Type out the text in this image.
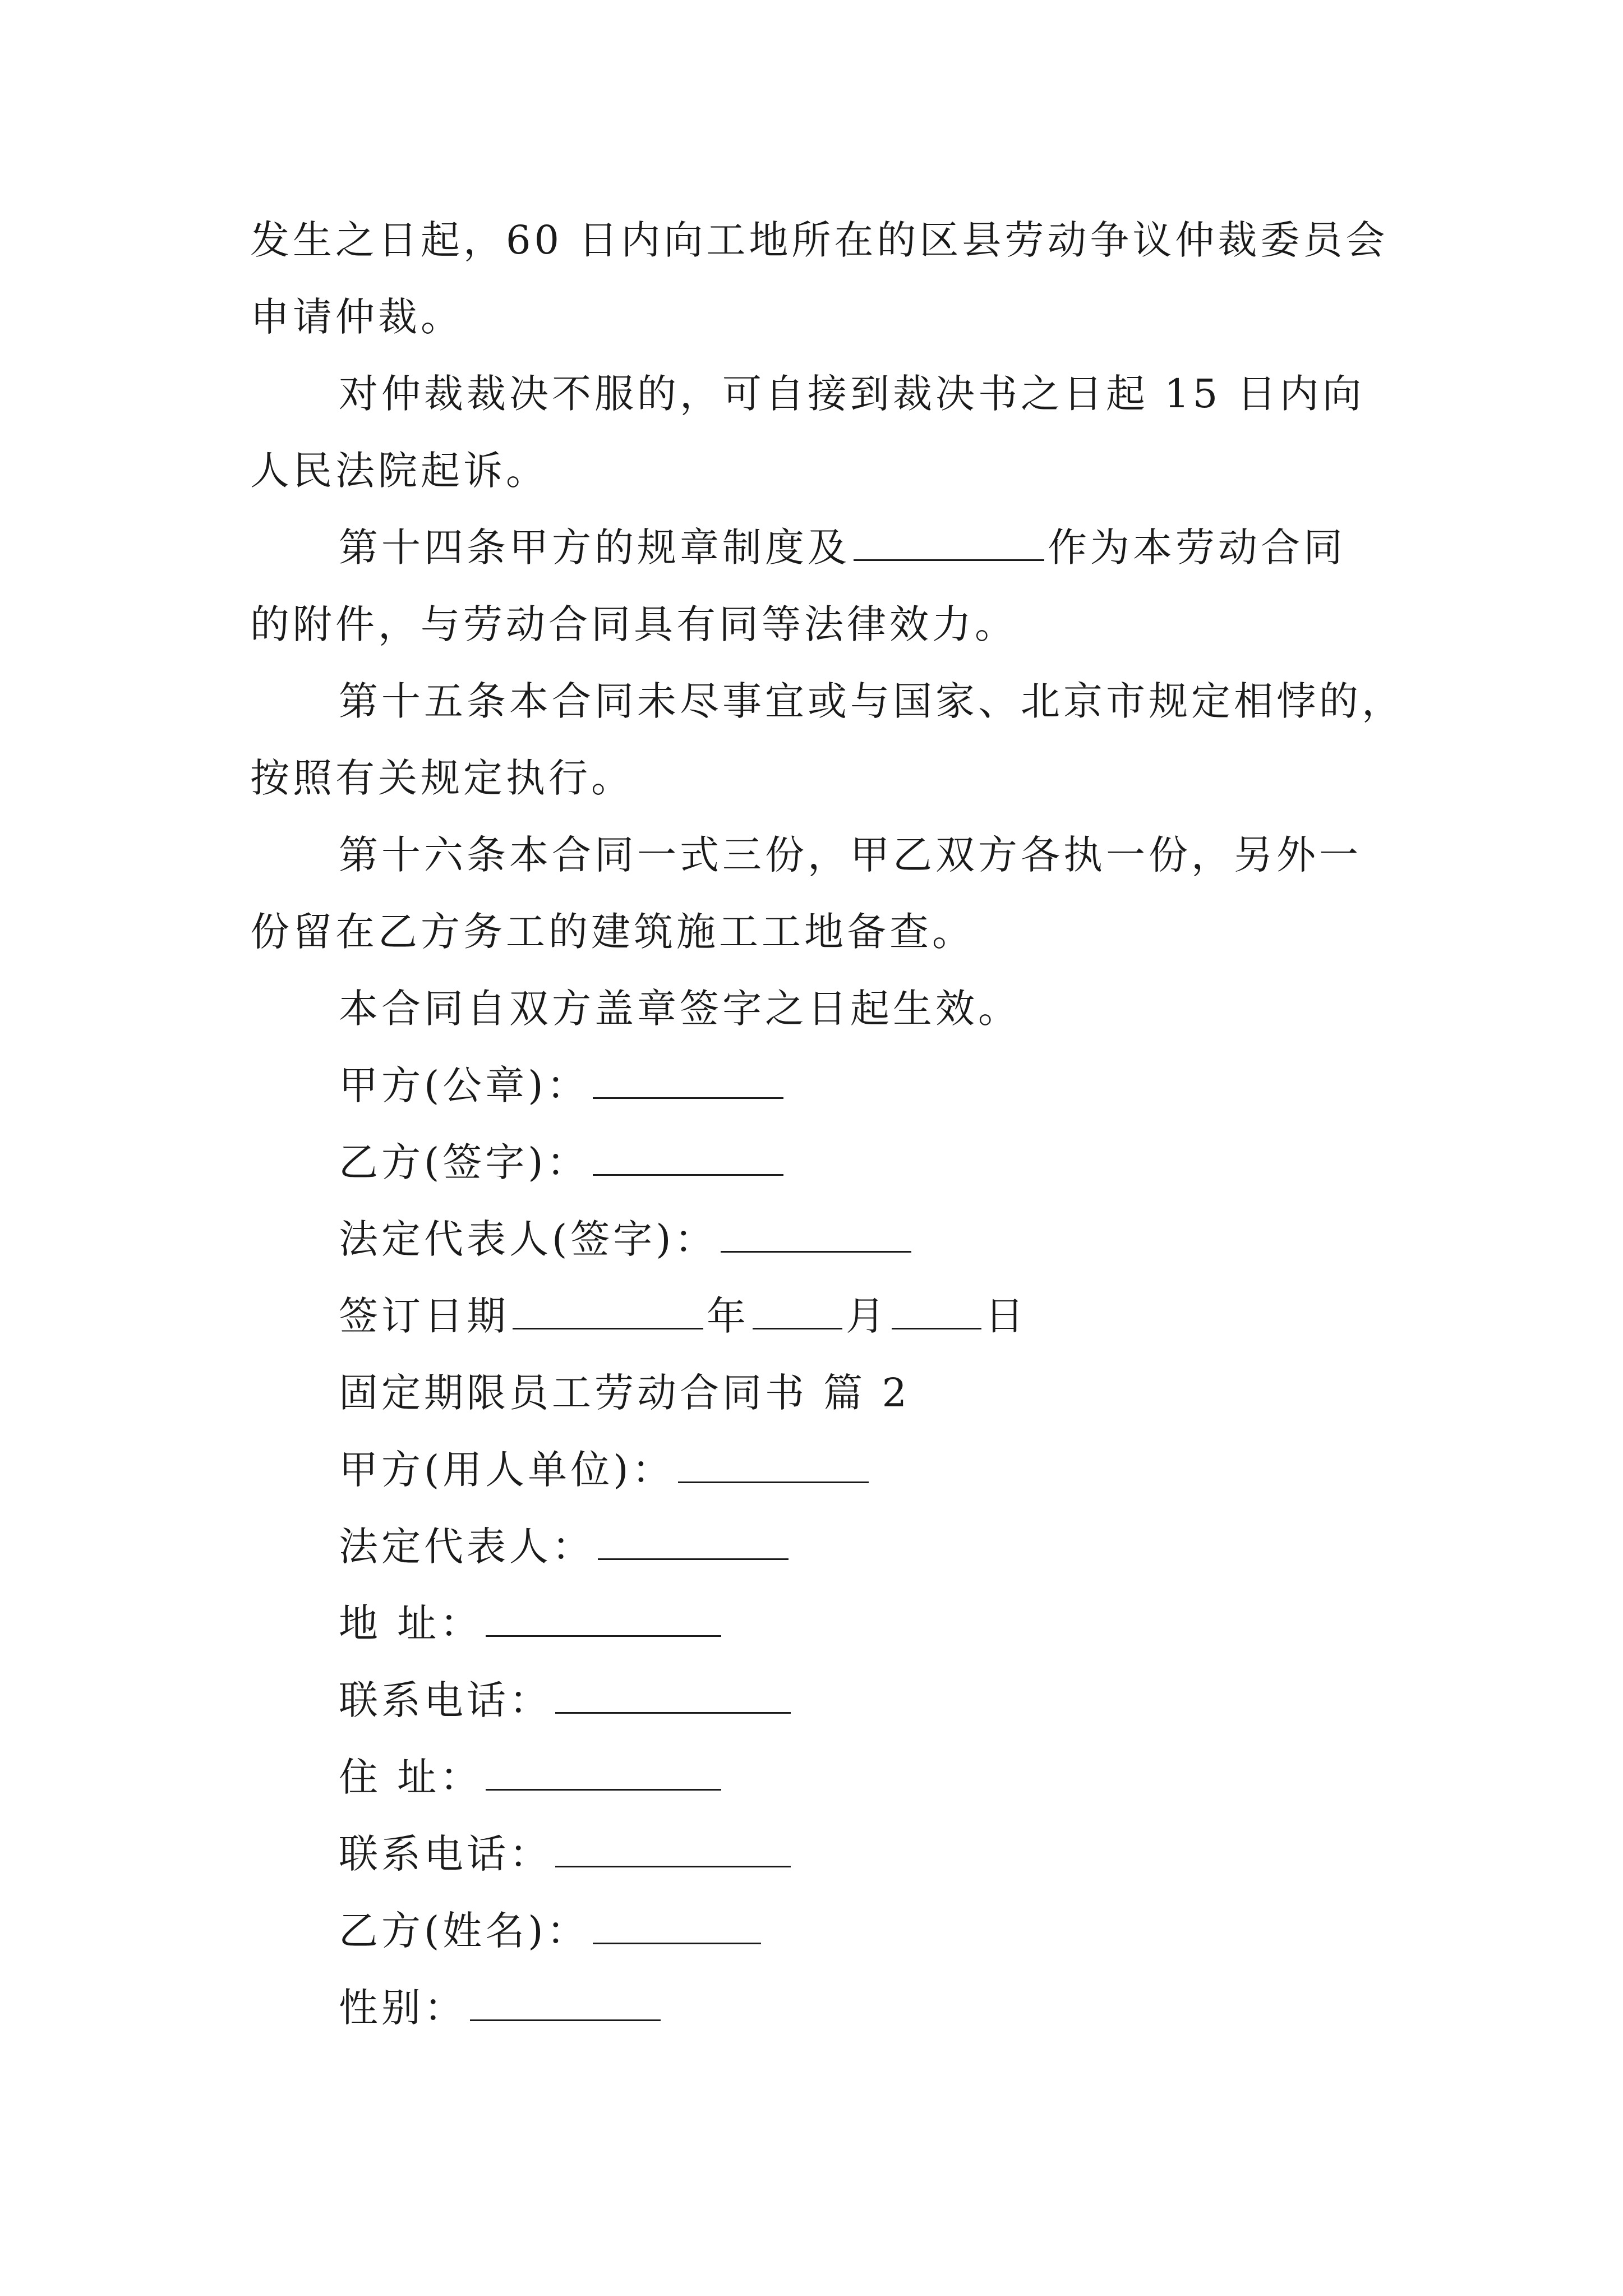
发生之日起，60 日内向工地所在的区县劳动争议仲裁委员会

申请仲裁。

对仲裁裁决不服的，可自接到裁决书之日起 15 日内向

人民法院起诉。

第十四条甲方的规章制度及	作为本劳动合同

的附件，与劳动合同具有同等法律效力。

第十五条本合同未尽事宜或与国家、北京市规定相悖的，

按照有关规定执行。

第十六条本合同一式三份，甲乙双方各执一份，另外一

份留在乙方务工的建筑施工工地备查。

本合同自双方盖章签字之日起生效。

甲方(公章)：

乙方(签字)：

法定代表人(签字)：

签订日期	年 月 日

固定期限员工劳动合同书 篇 2

甲方(用人单位)：

法定代表人：

地 址：

联系电话：

住 址：

联系电话：

乙方(姓名)：

性别：
